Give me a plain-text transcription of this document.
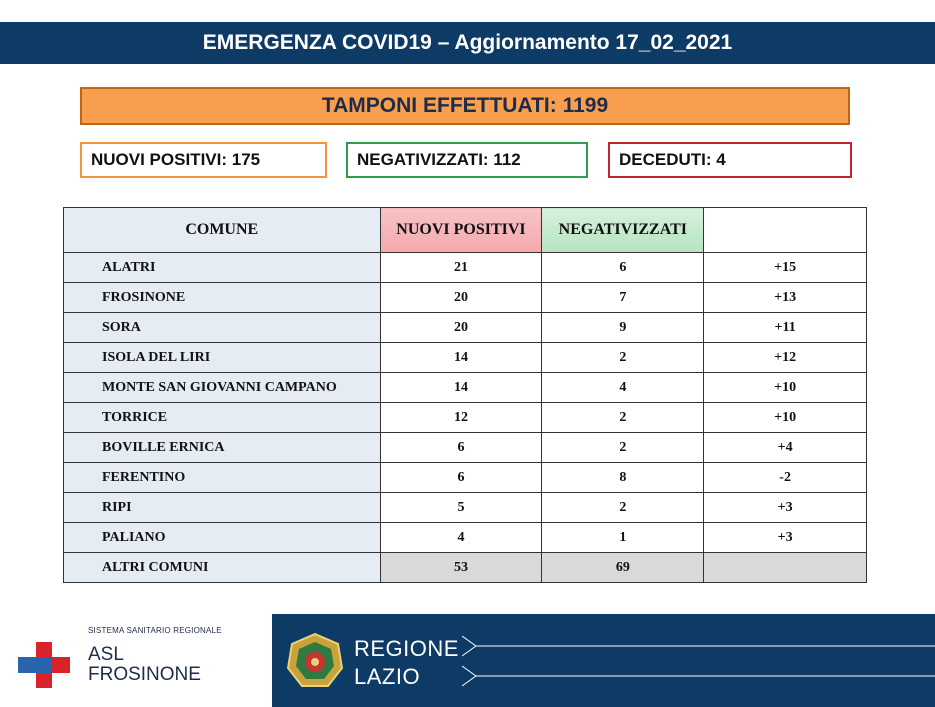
EMERGENZA COVID19 – Aggiornamento 17_02_2021
TAMPONI EFFETTUATI: 1199
NUOVI POSITIVI: 175	NEGATIVIZZATI: 112	DECEDUTI: 4
COMUNE	NUOVI POSITIVI	NEGATIVIZZATI	
ALATRI	21	6	+15
FROSINONE	20	7	+13
SORA	20	9	+11
ISOLA DEL LIRI	14	2	+12
MONTE SAN GIOVANNI CAMPANO	14	4	+10
TORRICE	12	2	+10
BOVILLE ERNICA	6	2	+4
FERENTINO	6	8	-2
RIPI	5	2	+3
PALIANO	4	1	+3
ALTRI COMUNI	53	69	
SISTEMA SANITARIO REGIONALE
ASL
FROSINONE
REGIONE
LAZIO
